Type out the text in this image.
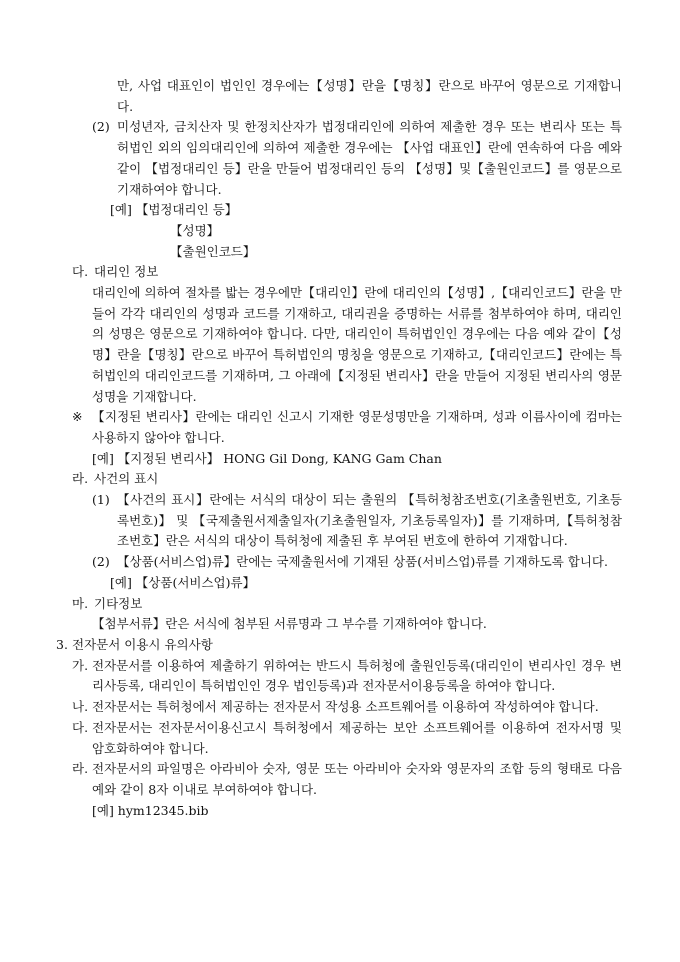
만, 사업 대표인이 법인인 경우에는【성명】란을【명칭】란으로 바꾸어 영문으로 기재합니다.
(2) 미성년자, 금치산자 및 한정치산자가 법정대리인에 의하여 제출한 경우 또는 변리사 또는 특허법인 외의 임의대리인에 의하여 제출한 경우에는 【사업 대표인】란에 연속하여 다음 예와 같이 【법정대리인 등】란을 만들어 법정대리인 등의 【성명】및【출원인코드】를 영문으로 기재하여야 합니다.
[예] 【법정대리인 등】
【성명】
【출원인코드】
다. 대리인 정보
대리인에 의하여 절차를 밟는 경우에만【대리인】란에 대리인의【성명】,【대리인코드】란을 만들어 각각 대리인의 성명과 코드를 기재하고, 대리권을 증명하는 서류를 첨부하여야 하며, 대리인의 성명은 영문으로 기재하여야 합니다. 다만, 대리인이 특허법인인 경우에는 다음 예와 같이【성명】란을【명칭】란으로 바꾸어 특허법인의 명칭을 영문으로 기재하고,【대리인코드】란에는 특허법인의 대리인코드를 기재하며, 그 아래에【지정된 변리사】란을 만들어 지정된 변리사의 영문성명을 기재합니다.
※ 【지정된 변리사】란에는 대리인 신고시 기재한 영문성명만을 기재하며, 성과 이름사이에 컴마는 사용하지 않아야 합니다.
[예] 【지정된 변리사】 HONG Gil Dong, KANG Gam Chan
라. 사건의 표시
(1) 【사건의 표시】란에는 서식의 대상이 되는 출원의 【특허청참조번호(기초출원번호, 기초등록번호)】 및 【국제출원서제출일자(기초출원일자, 기초등록일자)】를 기재하며,【특허청참조번호】란은 서식의 대상이 특허청에 제출된 후 부여된 번호에 한하여 기재합니다.
(2) 【상품(서비스업)류】란에는 국제출원서에 기재된 상품(서비스업)류를 기재하도록 합니다.
[예] 【상품(서비스업)류】
마. 기타정보
【첨부서류】란은 서식에 첨부된 서류명과 그 부수를 기재하여야 합니다.
3. 전자문서 이용시 유의사항
가. 전자문서를 이용하여 제출하기 위하여는 반드시 특허청에 출원인등록(대리인이 변리사인 경우 변리사등록, 대리인이 특허법인인 경우 법인등록)과 전자문서이용등록을 하여야 합니다.
나. 전자문서는 특허청에서 제공하는 전자문서 작성용 소프트웨어를 이용하여 작성하여야 합니다.
다. 전자문서는 전자문서이용신고시 특허청에서 제공하는 보안 소프트웨어를 이용하여 전자서명 및 암호화하여야 합니다.
라. 전자문서의 파일명은 아라비아 숫자, 영문 또는 아라비아 숫자와 영문자의 조합 등의 형태로 다음 예와 같이 8자 이내로 부여하여야 합니다.
[예] hym12345.bib
